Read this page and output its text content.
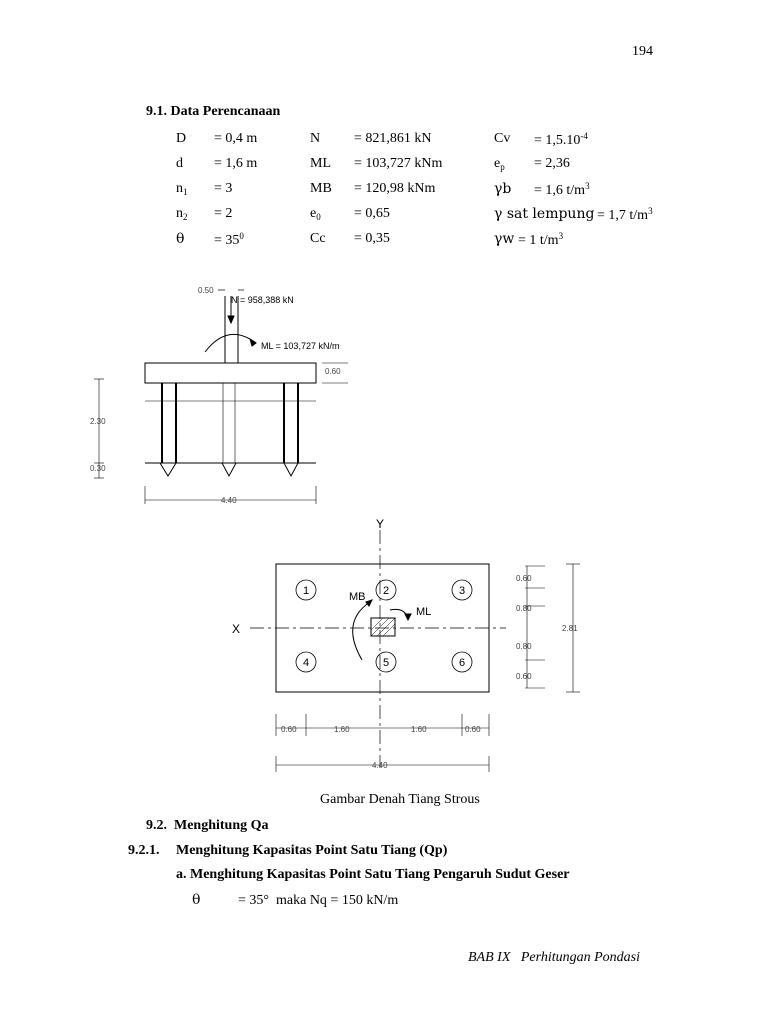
194
9.1. Data Perencanaan
D = 0,4 m	N = 821,861 kN	$Cv = 1,5.10^{-4}$
d = 1,6 m	ML = 103,727 kNm	$e_p = 2,36$
$n_1 = 3$	MB = 120,98 kNm	γb = 1,6 $t/m^3$
$n_2 = 2$	$e_0 = 0,65$	γ sat lempung = 1,7 $t/m^3$
$\theta = 35^0$	Cc = 0,35	γw = 1 $t/m^3$
0.50
N = 958,388 kN
ML = 103,727 kN/m
0.60
2.30
0.30
4.40
Y
X
MB
ML
1	2	3
4	5	6
0.60
0.80
0.80
0.60
2.81
0.60	1.60	1.60	0.60
4.40
Gambar Denah Tiang Strous
9.2. Menghitung Qa
9.2.1. Menghitung Kapasitas Point Satu Tiang (Qp)
a. Menghitung Kapasitas Point Satu Tiang Pengaruh Sudut Geser
θ	= 35° maka Nq = 150 kN/m
BAB IX Perhitungan Pondasi
